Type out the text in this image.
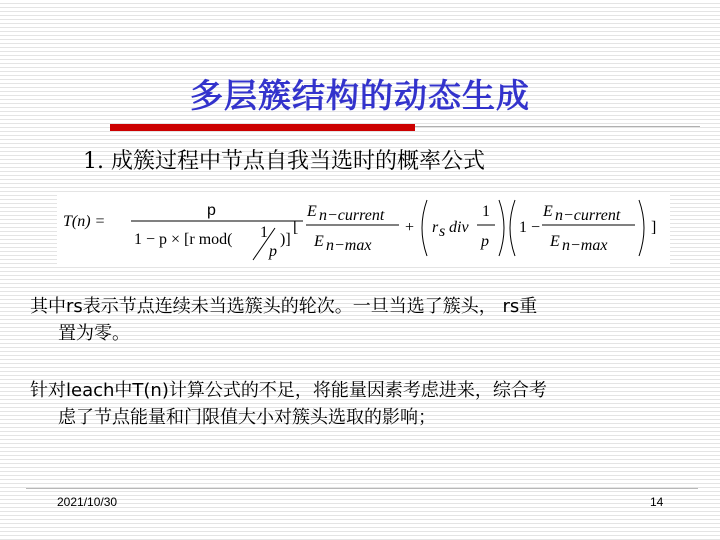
多层簇结构的动态生成
1. 成簇过程中节点自我当选时的概率公式
T(n) =
p
1 − p × [r mod( 1
p
)]
[
E n−current
E n−max
+ r s div
1
p
1 −
E n−current
E n−max
]
其中rs表示节点连续未当选簇头的轮次。一旦当选了簇头， rs重
置为零。
针对leach中T(n)计算公式的不足，将能量因素考虑进来，综合考
虑了节点能量和门限值大小对簇头选取的影响；
2021/10/30	14
